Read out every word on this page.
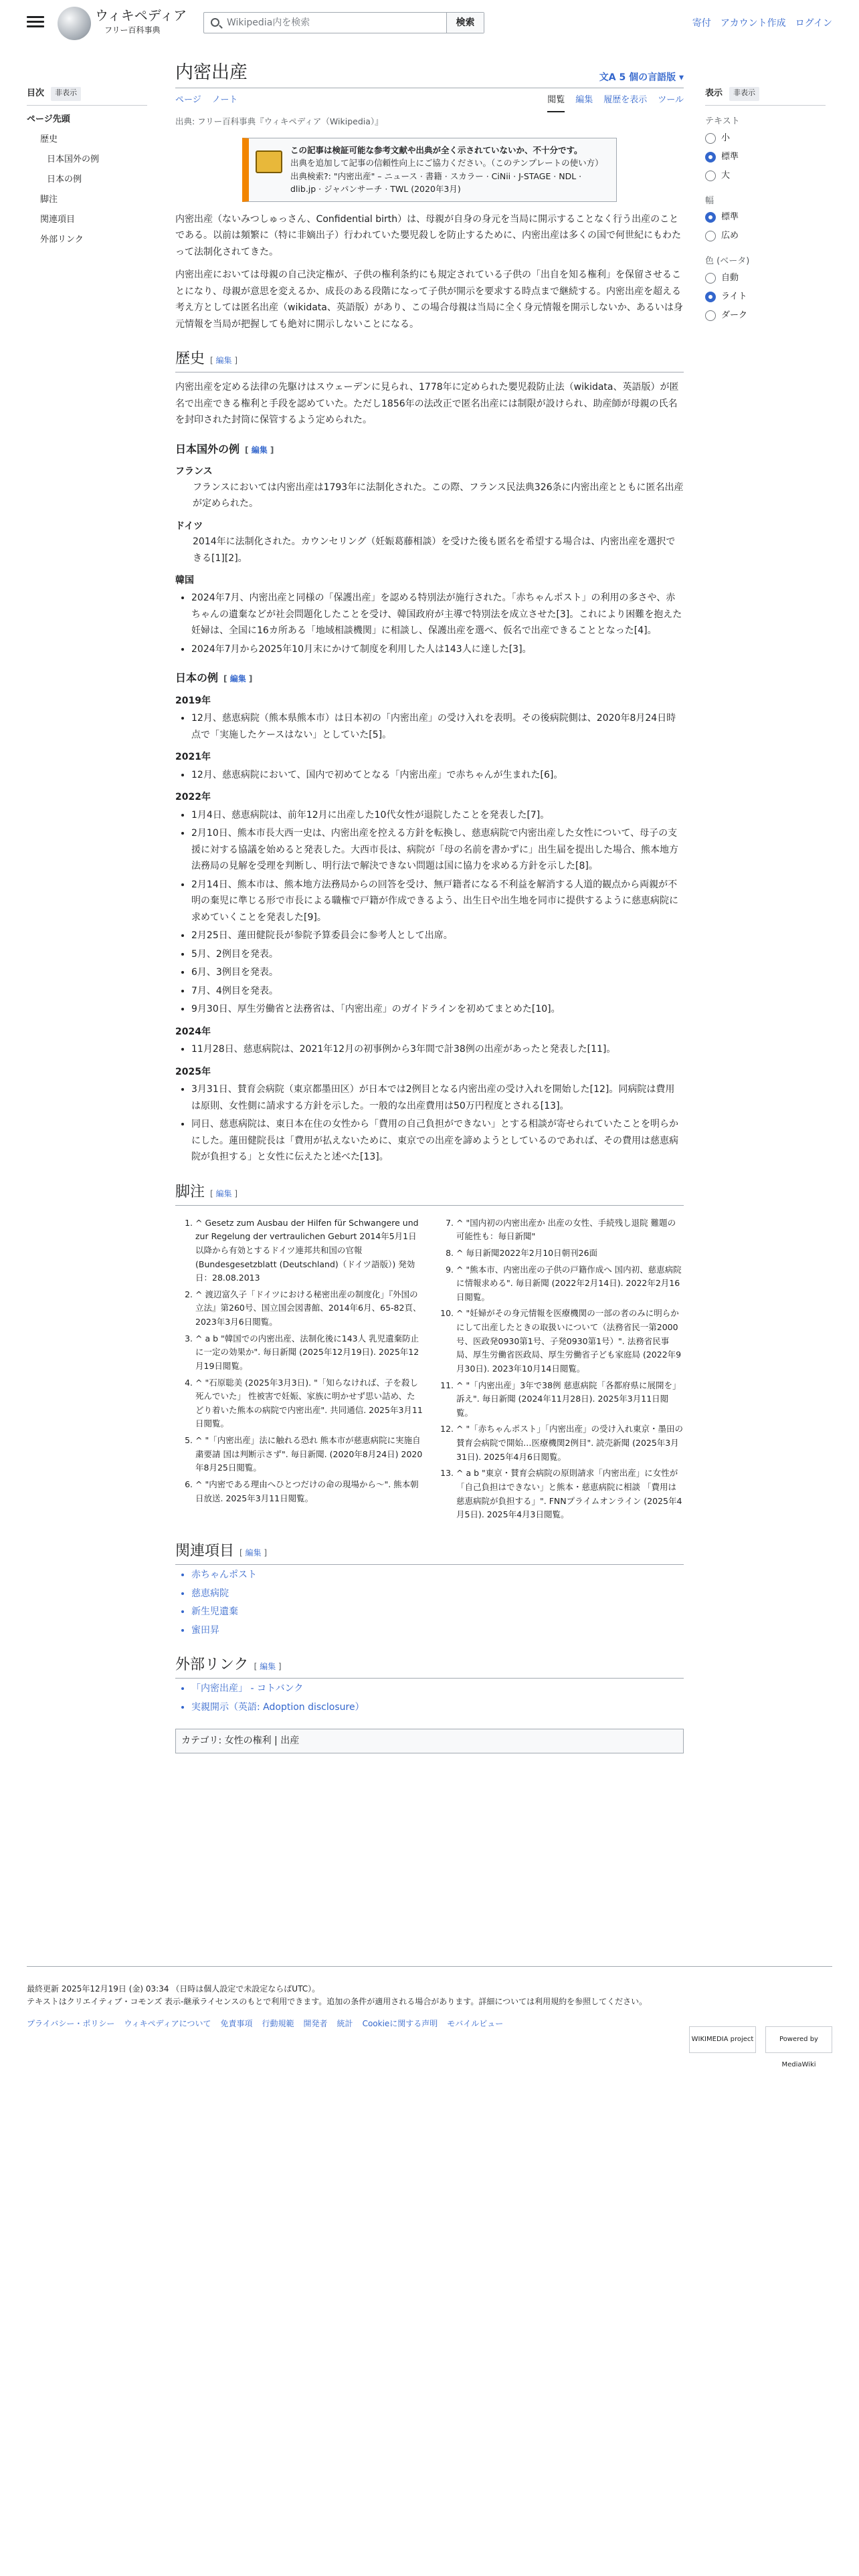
ウィキペディア
フリー百科事典
Wikipedia内を検索	検索	寄付 アカウント作成 ログイン
目次	非表示
ページ先頭
歴史
日本国外の例
日本の例
脚注
関連項目
外部リンク
内密出産	文A 5 個の言語版 ▾
ページ ノート	閲覧 編集 履歴を表示 ツール
出典: フリー百科事典『ウィキペディア（Wikipedia）』
この記事は検証可能な参考文献や出典が全く示されていないか、不十分です。
出典を追加して記事の信頼性向上にご協力ください。（このテンプレートの使い方）
出典検索?: "内密出産" – ニュース · 書籍 · スカラー · CiNii · J-STAGE · NDL · dlib.jp · ジャパンサーチ · TWL (2020年3月)

内密出産（ないみつしゅっさん、Confidential birth）は、母親が自身の身元を当局に開示することなく行う出産のことである。以前は頻繁に（特に非嫡出子）行われていた嬰児殺しを防止するために、内密出産は多くの国で何世紀にもわたって法制化されてきた。

内密出産においては母親の自己決定権が、子供の権利条約にも規定されている子供の「出自を知る権利」を保留させることになり、母親が意思を変えるか、成長のある段階になって子供が開示を要求する時点まで継続する。内密出産を超える考え方としては匿名出産（wikidata、英語版）があり、この場合母親は当局に全く身元情報を開示しないか、あるいは身元情報を当局が把握しても絶対に開示しないことになる。

歴史 [ 編集 ]

内密出産を定める法律の先駆けはスウェーデンに見られ、1778年に定められた嬰児殺防止法（wikidata、英語版）が匿名で出産できる権利と手段を認めていた。ただし1856年の法改正で匿名出産には制限が設けられ、助産師が母親の氏名を封印された封筒に保管するよう定められた。

日本国外の例 [ 編集 ]
フランス
フランスにおいては内密出産は1793年に法制化された。この際、フランス民法典326条に内密出産とともに匿名出産が定められた。
ドイツ
2014年に法制化された。カウンセリング（妊娠葛藤相談）を受けた後も匿名を希望する場合は、内密出産を選択できる[1][2]。
韓国
• 2024年7月、内密出産と同様の「保護出産」を認める特別法が施行された。「赤ちゃんポスト」の利用の多さや、赤ちゃんの遺棄などが社会問題化したことを受け、韓国政府が主導で特別法を成立させた[3]。これにより困難を抱えた妊婦は、全国に16カ所ある「地域相談機関」に相談し、保護出産を選べ、仮名で出産できることとなった[4]。
• 2024年7月から2025年10月末にかけて制度を利用した人は143人に達した[3]。
日本の例 [ 編集 ]
2019年
• 12月、慈恵病院（熊本県熊本市）は日本初の「内密出産」の受け入れを表明。その後病院側は、2020年8月24日時点で「実施したケースはない」としていた[5]。
2021年
• 12月、慈恵病院において、国内で初めてとなる「内密出産」で赤ちゃんが生まれた[6]。
2022年
• 1月4日、慈恵病院は、前年12月に出産した10代女性が退院したことを発表した[7]。
• 2月10日、熊本市長大西一史は、内密出産を控える方針を転換し、慈恵病院で内密出産した女性について、母子の支援に対する協議を始めると発表した。大西市長は、病院が「母の名前を書かずに」出生届を提出した場合、熊本地方法務局の見解を受理を判断し、明行法で解決できない問題は国に協力を求める方針を示した[8]。
• 2月14日、熊本市は、熊本地方法務局からの回答を受け、無戸籍者になる不利益を解消する人道的観点から両親が不明の棄児に準じる形で市長による職権で戸籍が作成できるよう、出生日や出生地を同市に提供するように慈恵病院に求めていくことを発表した[9]。
• 2月25日、蓮田健院長が参院予算委員会に参考人として出席。
• 5月、2例目を発表。
• 6月、3例目を発表。
• 7月、4例目を発表。
• 9月30日、厚生労働省と法務省は、「内密出産」のガイドラインを初めてまとめた[10]。
2024年
• 11月28日、慈恵病院は、2021年12月の初事例から3年間で計38例の出産があったと発表した[11]。
2025年
• 3月31日、賛育会病院（東京都墨田区）が日本では2例目となる内密出産の受け入れを開始した[12]。同病院は費用は原則、女性側に請求する方針を示した。一般的な出産費用は50万円程度とされる[13]。
• 同日、慈恵病院は、東日本在住の女性から「費用の自己負担ができない」とする相談が寄せられていたことを明らかにした。蓮田健院長は「費用が払えないために、東京での出産を諦めようとしているのであれば、その費用は慈恵病院が負担する」と女性に伝えたと述べた[13]。
脚注 [ 編集 ]
1. ^ Gesetz zum Ausbau der Hilfen für Schwangere und zur Regelung der vertraulichen Geburt 2014年5月1日以降から有効とするドイツ連邦共和国の官報(Bundesgesetzblatt (Deutschland)（ドイツ語版）) 発効日：28.08.2013
2. ^ 渡辺富久子「ドイツにおける秘密出産の制度化」『外国の立法』第260号、国立国会図書館、2014年6月、65-82頁、2023年3月6日閲覧。
3. ^ a b "韓国での内密出産、法制化後に143人 乳児遺棄防止に一定の効果か". 毎日新聞 (2025年12月19日). 2025年12月19日閲覧。
4. ^ "石原聡美 (2025年3月3日). "「知らなければ、子を殺し死んでいた」 性被害で妊娠、家族に明かせず思い詰め、たどり着いた熊本の病院で内密出産". 共同通信. 2025年3月11日閲覧。
5. ^ "「内密出産」法に触れる恐れ 熊本市が慈恵病院に実施自粛要請 国は判断示さず". 毎日新聞. (2020年8月24日) 2020年8月25日閲覧。
6. ^ "内密である理由へひとつだけの命の現場から〜". 熊本朝日放送. 2025年3月11日閲覧。
7. ^ "国内初の内密出産か 出産の女性、手続残し退院 難題の可能性も：毎日新聞"
8. ^ 毎日新聞2022年2月10日朝刊26面
9. ^ "熊本市、内密出産の子供の戸籍作成へ 国内初、慈恵病院に情報求める". 毎日新聞 (2022年2月14日). 2022年2月16日閲覧。
10. ^ "妊婦がその身元情報を医療機関の一部の者のみに明らかにして出産したときの取扱いについて（法務省民一第2000号、医政発0930第1号、子発0930第1号）". 法務省民事局、厚生労働省医政局、厚生労働省子ども家庭局 (2022年9月30日). 2023年10月14日閲覧。
11. ^ "「内密出産」3年で38例 慈恵病院「各都府県に展開を」訴え". 毎日新聞 (2024年11月28日). 2025年3月11日閲覧。
12. ^ "「赤ちゃんポスト」「内密出産」の受け入れ東京・墨田の賛育会病院で開始…医療機関2例目". 読売新聞 (2025年3月31日). 2025年4月6日閲覧。
13. ^ a b "東京・賛育会病院の原則請求「内密出産」に女性が「自己負担はできない」と熊本・慈恵病院に相談 「費用は慈恵病院が負担する」". FNNプライムオンライン (2025年4月5日). 2025年4月3日閲覧。
関連項目 [ 編集 ]
• 赤ちゃんポスト
• 慈恵病院
• 新生児遺棄
• 蜜田昇
外部リンク [ 編集 ]
• 「内密出産」 - コトバンク
• 実親開示（英語: Adoption disclosure）
カテゴリ: 女性の権利 | 出産
表示	非表示
テキスト
小
標準
大
幅
標準
広め
色 (ベータ)
自動
ライト
ダーク
最終更新 2025年12月19日 (金) 03:34 （日時は個人設定で未設定ならばUTC）。
テキストはクリエイティブ・コモンズ 表示-継承ライセンスのもとで利用できます。追加の条件が適用される場合があります。詳細については利用規約を参照してください。
プライバシー・ポリシー ウィキペディアについて 免責事項 行動規範 開発者 統計 Cookieに関する声明 モバイルビュー
WIKIMEDIA project	Powered by MediaWiki
